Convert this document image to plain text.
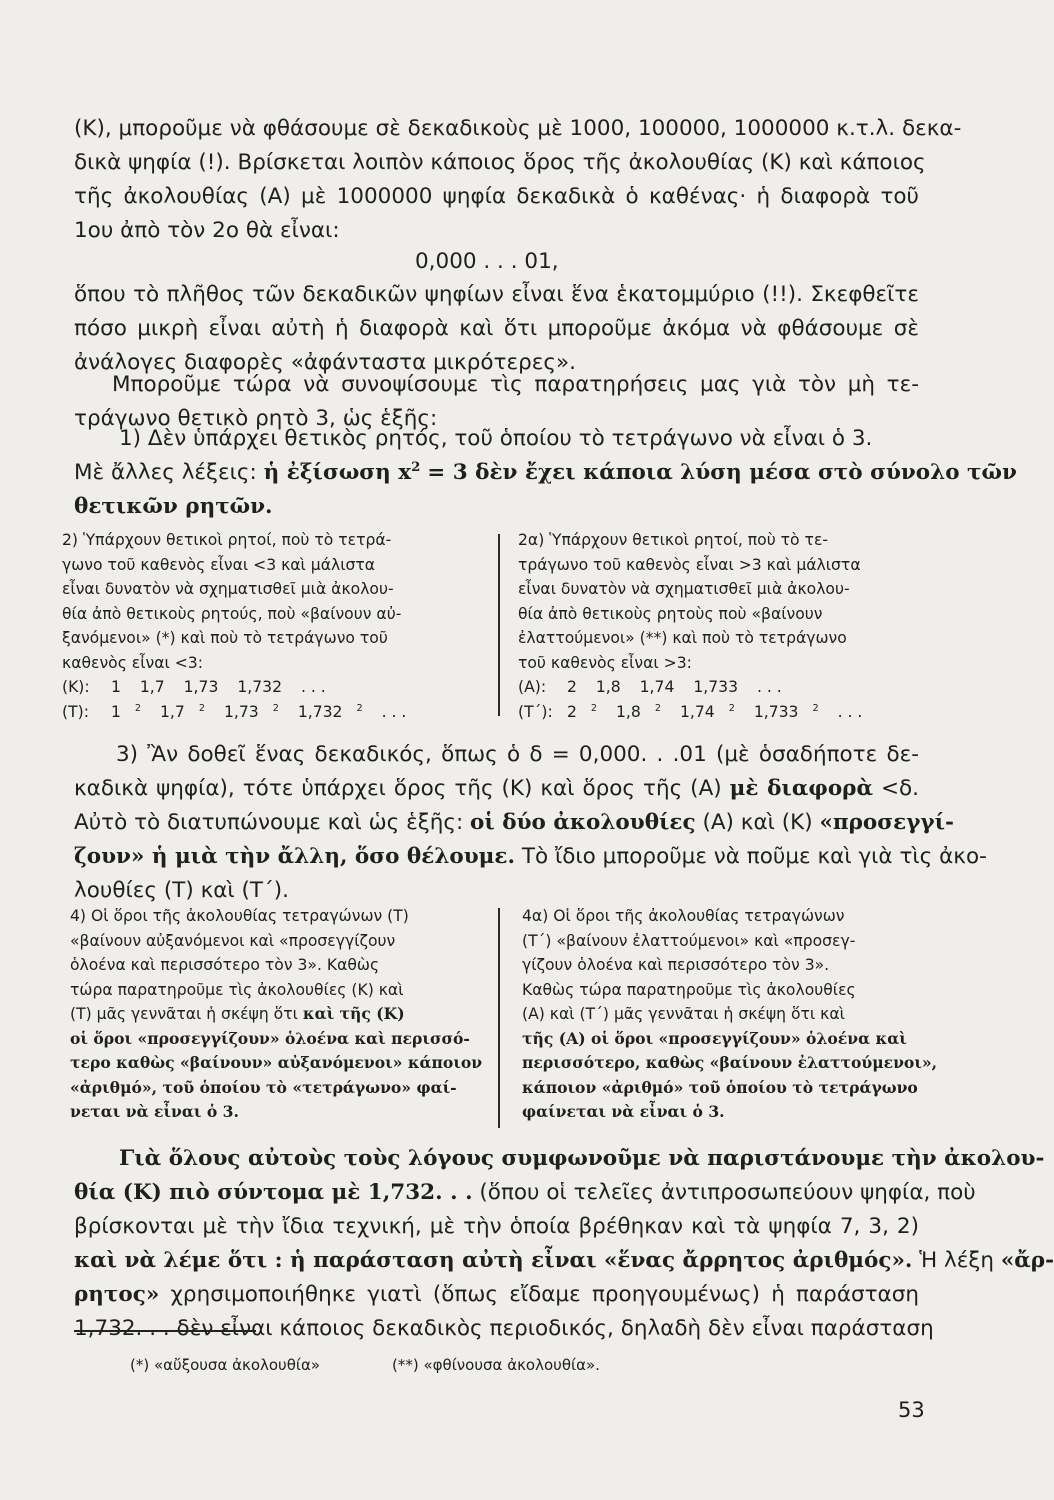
(Κ), μποροῦμε νὰ φθάσουμε σὲ δεκαδικοὺς μὲ 1000, 100000, 1000000 κ.τ.λ. δεκα-
δικὰ ψηφία (!). Βρίσκεται λοιπὸν κάποιος ὅρος τῆς ἀκολουθίας (Κ) καὶ κάποιος
τῆς ἀκολουθίας (Α) μὲ 1000000 ψηφία δεκαδικὰ ὁ καθένας· ἡ διαφορὰ τοῦ
1ου ἀπὸ τὸν 2ο θὰ εἶναι:
0,000 . . . 01,
ὅπου τὸ πλῆθος τῶν δεκαδικῶν ψηφίων εἶναι ἕνα ἑκατομμύριο (!!). Σκεφθεῖτε
πόσο μικρὴ εἶναι αὐτὴ ἡ διαφορὰ καὶ ὅτι μποροῦμε ἀκόμα νὰ φθάσουμε σὲ
ἀνάλογες διαφορὲς «ἀφάνταστα μικρότερες».
Μποροῦμε τώρα νὰ συνοψίσουμε τὶς παρατηρήσεις μας γιὰ τὸν μὴ τε-
τράγωνο θετικὸ ρητὸ 3, ὡς ἑξῆς:
1) Δὲν ὑπάρχει θετικὸς ρητός, τοῦ ὁποίου τὸ τετράγωνο νὰ εἶναι ὁ 3.
Μὲ ἄλλες λέξεις: ἡ ἐξίσωση $x^2 = 3$ δὲν ἔχει κάποια λύση μέσα στὸ σύνολο τῶν
θετικῶν ρητῶν.
2) Ὑπάρχουν θετικοὶ ρητοί, ποὺ τὸ τετρά-
γωνο τοῦ καθενὸς εἶναι <3 καὶ μάλιστα
εἶναι δυνατὸν νὰ σχηματισθεῖ μιὰ ἀκολου-
θία ἀπὸ θετικοὺς ρητούς, ποὺ «βαίνουν αὐ-
ξανόμενοι» (*) καὶ ποὺ τὸ τετράγωνο τοῦ
καθενὸς εἶναι <3:
(Κ): 1 1,7 1,73 1,732 . . .
(Τ): 1 $^2$ 1,7 $^2$ 1,73 $^2$ 1,732 $^2$ . . .
2α) Ὑπάρχουν θετικοὶ ρητοί, ποὺ τὸ τε-
τράγωνο τοῦ καθενὸς εἶναι >3 καὶ μάλιστα
εἶναι δυνατὸν νὰ σχηματισθεῖ μιὰ ἀκολου-
θία ἀπὸ θετικοὺς ρητοὺς ποὺ «βαίνουν
ἐλαττούμενοι» (**) καὶ ποὺ τὸ τετράγωνο
τοῦ καθενὸς εἶναι >3:
(Α): 2 1,8 1,74 1,733 . . .
(Τ΄): 2 $^2$ 1,8 $^2$ 1,74 $^2$ 1,733 $^2$ . . .
3) Ἂν δοθεῖ ἕνας δεκαδικός, ὅπως ὁ δ = 0,000. . .01 (μὲ ὁσαδήποτε δε-
καδικὰ ψηφία), τότε ὑπάρχει ὅρος τῆς (Κ) καὶ ὅρος τῆς (Α) μὲ διαφορὰ <δ.
Αὐτὸ τὸ διατυπώνουμε καὶ ὡς ἑξῆς: οἱ δύο ἀκολουθίες (Α) καὶ (Κ) «προσεγγί-
ζουν» ἡ μιὰ τὴν ἄλλη, ὅσο θέλουμε. Τὸ ἴδιο μποροῦμε νὰ ποῦμε καὶ γιὰ τὶς ἀκο-
λουθίες (Τ) καὶ (Τ΄).
4) Οἱ ὅροι τῆς ἀκολουθίας τετραγώνων (Τ)
«βαίνουν αὐξανόμενοι καὶ «προσεγγίζουν
ὁλοένα καὶ περισσότερο τὸν 3». Καθὼς
τώρα παρατηροῦμε τὶς ἀκολουθίες (Κ) καὶ
(Τ) μᾶς γεννᾶται ἡ σκέψη ὅτι καὶ τῆς (Κ)
οἱ ὅροι «προσεγγίζουν» ὁλοένα καὶ περισσό-
τερο καθὼς «βαίνουν» αὐξανόμενοι» κάποιον
«ἀριθμό», τοῦ ὁποίου τὸ «τετράγωνο» φαί-
νεται νὰ εἶναι ὁ 3.
4α) Οἱ ὅροι τῆς ἀκολουθίας τετραγώνων
(Τ΄) «βαίνουν ἐλαττούμενοι» καὶ «προσεγ-
γίζουν ὁλοένα καὶ περισσότερο τὸν 3».
Καθὼς τώρα παρατηροῦμε τὶς ἀκολουθίες
(Α) καὶ (Τ΄) μᾶς γεννᾶται ἡ σκέψη ὅτι καὶ
τῆς (Α) οἱ ὅροι «προσεγγίζουν» ὁλοένα καὶ
περισσότερο, καθὼς «βαίνουν ἐλαττούμενοι»,
κάποιον «ἀριθμό» τοῦ ὁποίου τὸ τετράγωνο
φαίνεται νὰ εἶναι ὁ 3.
Γιὰ ὅλους αὐτοὺς τοὺς λόγους συμφωνοῦμε νὰ παριστάνουμε τὴν ἀκολου-
θία (Κ) πιὸ σύντομα μὲ 1,732. . . (ὅπου οἱ τελεῖες ἀντιπροσωπεύουν ψηφία, ποὺ
βρίσκονται μὲ τὴν ἴδια τεχνική, μὲ τὴν ὁποία βρέθηκαν καὶ τὰ ψηφία 7, 3, 2)
καὶ νὰ λέμε ὅτι : ἡ παράσταση αὐτὴ εἶναι «ἕνας ἄρρητος ἀριθμός». Ἡ λέξη «ἄρ-
ρητος» χρησιμοποιήθηκε γιατὶ (ὅπως εἴδαμε προηγουμένως) ἡ παράσταση
1,732. . . δὲν εἶναι κάποιος δεκαδικὸς περιοδικός, δηλαδὴ δὲν εἶναι παράσταση
(*) «αὔξουσα ἀκολουθία»	(**) «φθίνουσα ἀκολουθία».
53
